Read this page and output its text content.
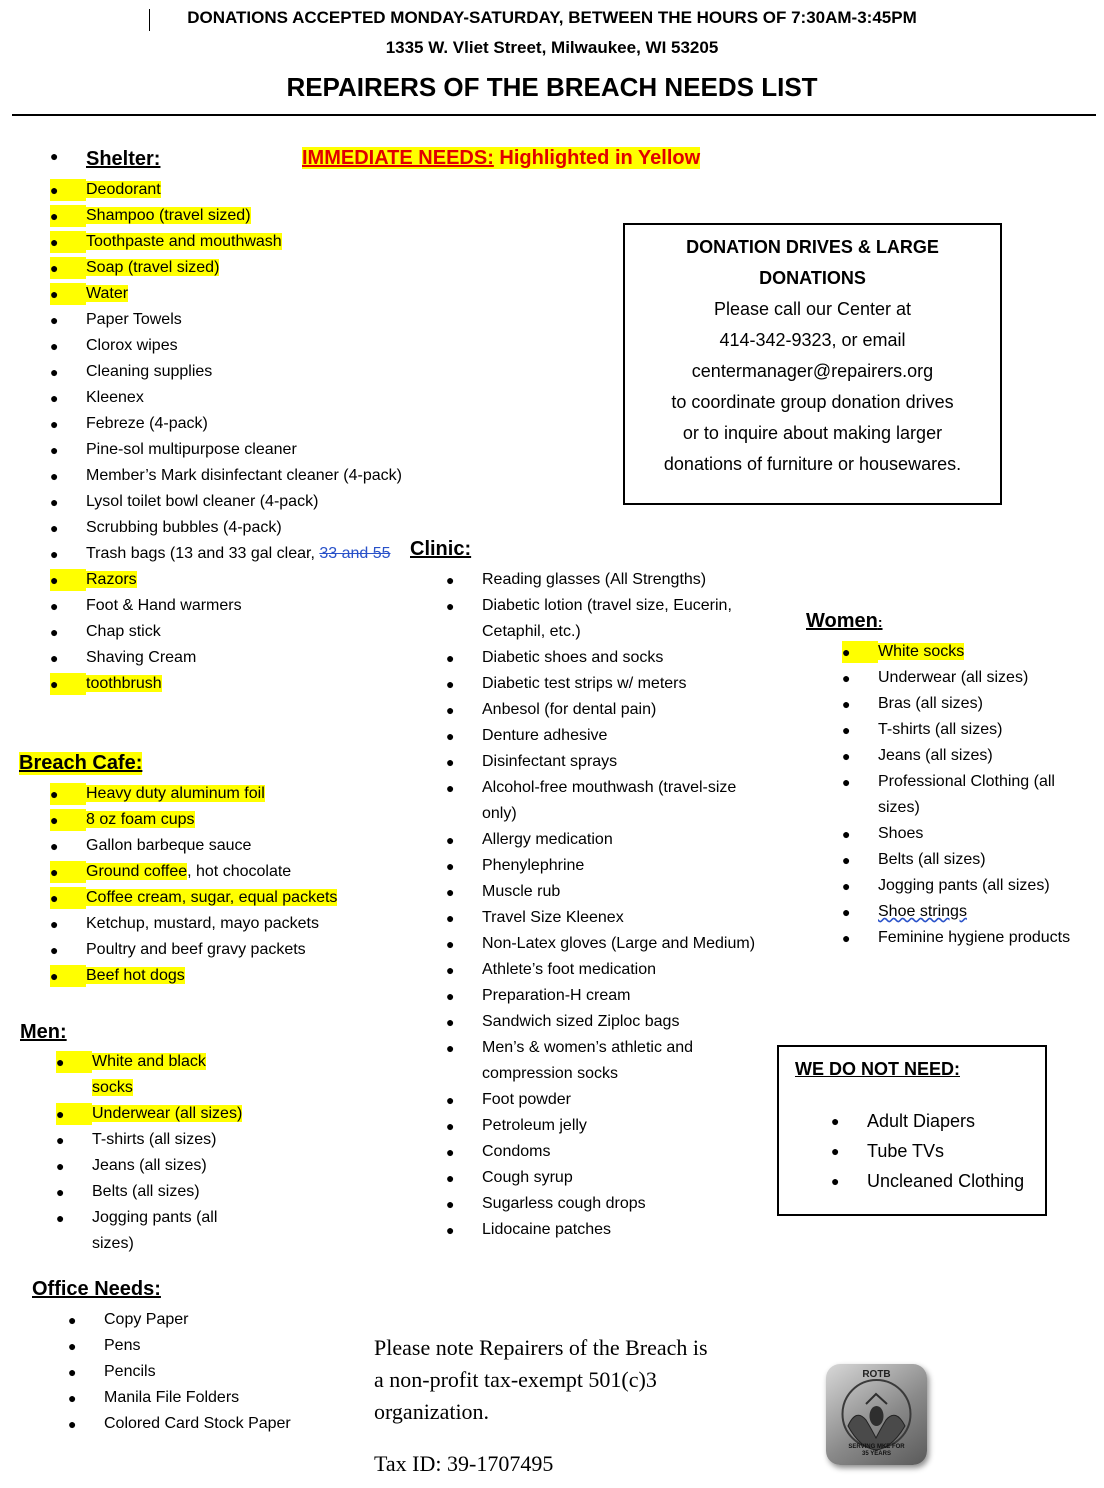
DONATIONS ACCEPTED MONDAY-SATURDAY, BETWEEN THE HOURS OF 7:30AM-3:45PM
1335 W. Vliet Street, Milwaukee, WI 53205
REPAIRERS OF THE BREACH NEEDS LIST
● Shelter:	IMMEDIATE NEEDS: Highlighted in Yellow
● Deodorant
● Shampoo (travel sized)
● Toothpaste and mouthwash
● Soap (travel sized)
● Water
● Paper Towels
● Clorox wipes
● Cleaning supplies
● Kleenex
● Febreze (4-pack)
● Pine-sol multipurpose cleaner
● Member’s Mark disinfectant cleaner (4-pack)
● Lysol toilet bowl cleaner (4-pack)
● Scrubbing bubbles (4-pack)
● Trash bags (13 and 33 gal clear, 33 and 55
● Razors
● Foot & Hand warmers
● Chap stick
● Shaving Cream
● toothbrush
Breach Cafe:
● Heavy duty aluminum foil
● 8 oz foam cups
● Gallon barbeque sauce
● Ground coffee, hot chocolate
● Coffee cream, sugar, equal packets
● Ketchup, mustard, mayo packets
● Poultry and beef gravy packets
● Beef hot dogs
Men:
● White and black
socks
● Underwear (all sizes)
● T-shirts (all sizes)
● Jeans (all sizes)
● Belts (all sizes)
● Jogging pants (all
sizes)
Office Needs:
● Copy Paper
● Pens
● Pencils
● Manila File Folders
● Colored Card Stock Paper
Clinic:
● Reading glasses (All Strengths)
● Diabetic lotion (travel size, Eucerin,
Cetaphil, etc.)
● Diabetic shoes and socks
● Diabetic test strips w/ meters
● Anbesol (for dental pain)
● Denture adhesive
● Disinfectant sprays
● Alcohol-free mouthwash (travel-size
only)
● Allergy medication
● Phenylephrine
● Muscle rub
● Travel Size Kleenex
● Non-Latex gloves (Large and Medium)
● Athlete’s foot medication
● Preparation-H cream
● Sandwich sized Ziploc bags
● Men’s & women’s athletic and
compression socks
● Foot powder
● Petroleum jelly
● Condoms
● Cough syrup
● Sugarless cough drops
● Lidocaine patches
Women:
● White socks
● Underwear (all sizes)
● Bras (all sizes)
● T-shirts (all sizes)
● Jeans (all sizes)
● Professional Clothing (all
sizes)
● Shoes
● Belts (all sizes)
● Jogging pants (all sizes)
● Shoe strings
● Feminine hygiene products
DONATION DRIVES & LARGE
DONATIONS
Please call our Center at
414-342-9323, or email
centermanager@repairers.org
to coordinate group donation drives
or to inquire about making larger
donations of furniture or housewares.
WE DO NOT NEED:
● Adult Diapers
● Tube TVs
● Uncleaned Clothing
Please note Repairers of the Breach is
a non-profit tax-exempt 501(c)3
organization.
Tax ID: 39-1707495
ROTB
SERVING MKE FOR
35 YEARS
